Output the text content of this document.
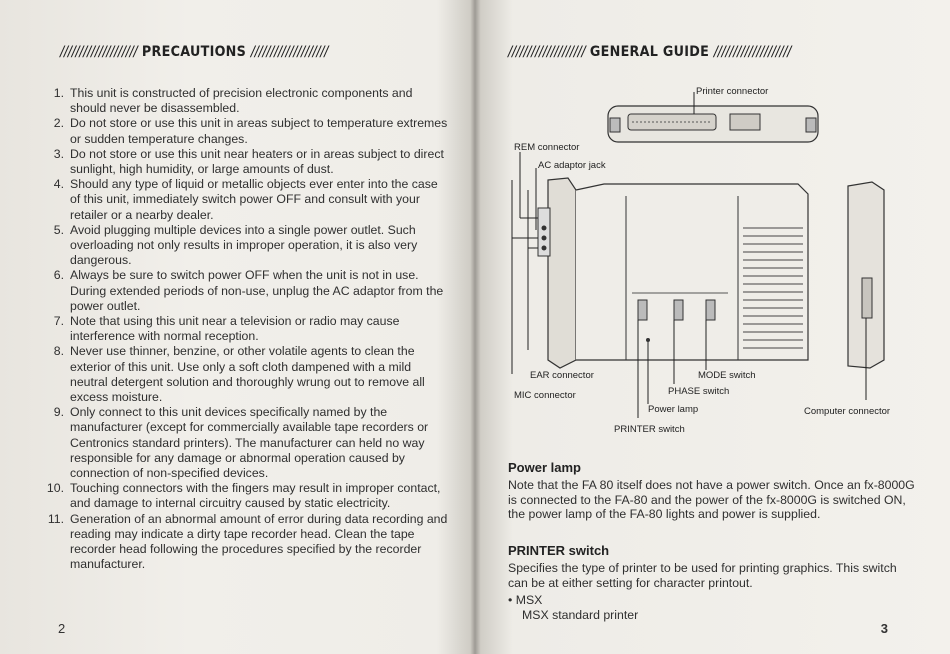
//////////////////// PRECAUTIONS ////////////////////
1. This unit is constructed of precision electronic components and should never be disassembled.
2. Do not store or use this unit in areas subject to temperature extremes or sudden temperature changes.
3. Do not store or use this unit near heaters or in areas subject to direct sunlight, high humidity, or large amounts of dust.
4. Should any type of liquid or metallic objects ever enter into the case of this unit, immediately switch power OFF and consult with your retailer or a nearby dealer.
5. Avoid plugging multiple devices into a single power outlet. Such overloading not only results in improper operation, it is also very dangerous.
6. Always be sure to switch power OFF when the unit is not in use. During extended periods of non-use, unplug the AC adaptor from the power outlet.
7. Note that using this unit near a television or radio may cause interference with normal reception.
8. Never use thinner, benzine, or other volatile agents to clean the exterior of this unit. Use only a soft cloth dampened with a mild neutral detergent solution and thoroughly wrung out to remove all excess moisture.
9. Only connect to this unit devices specifically named by the manufacturer (except for commercially available tape recorders or Centronics standard printers). The manufacturer can held no way responsible for any damage or abnormal operation caused by connection of non-specified devices.
10. Touching connectors with the fingers may result in improper contact, and damage to internal circuitry caused by static electricity.
11. Generation of an abnormal amount of error during data recording and reading may indicate a dirty tape recorder head. Clean the tape recorder head following the procedures specified by the recorder manufacturer.
2
//////////////////// GENERAL GUIDE ////////////////////
Printer connector
REM connector
AC adaptor jack
EAR connector	MODE switch
MIC connector	PHASE switch
Power lamp	Computer connector
PRINTER switch
Power lamp
Note that the FA 80 itself does not have a power switch. Once an fx-8000G is connected to the FA-80 and the power of the fx-8000G is switched ON, the power lamp of the FA-80 lights and power is supplied.
PRINTER switch
Specifies the type of printer to be used for printing graphics. This switch can be at either setting for character printout.
• MSX
MSX standard printer
3
